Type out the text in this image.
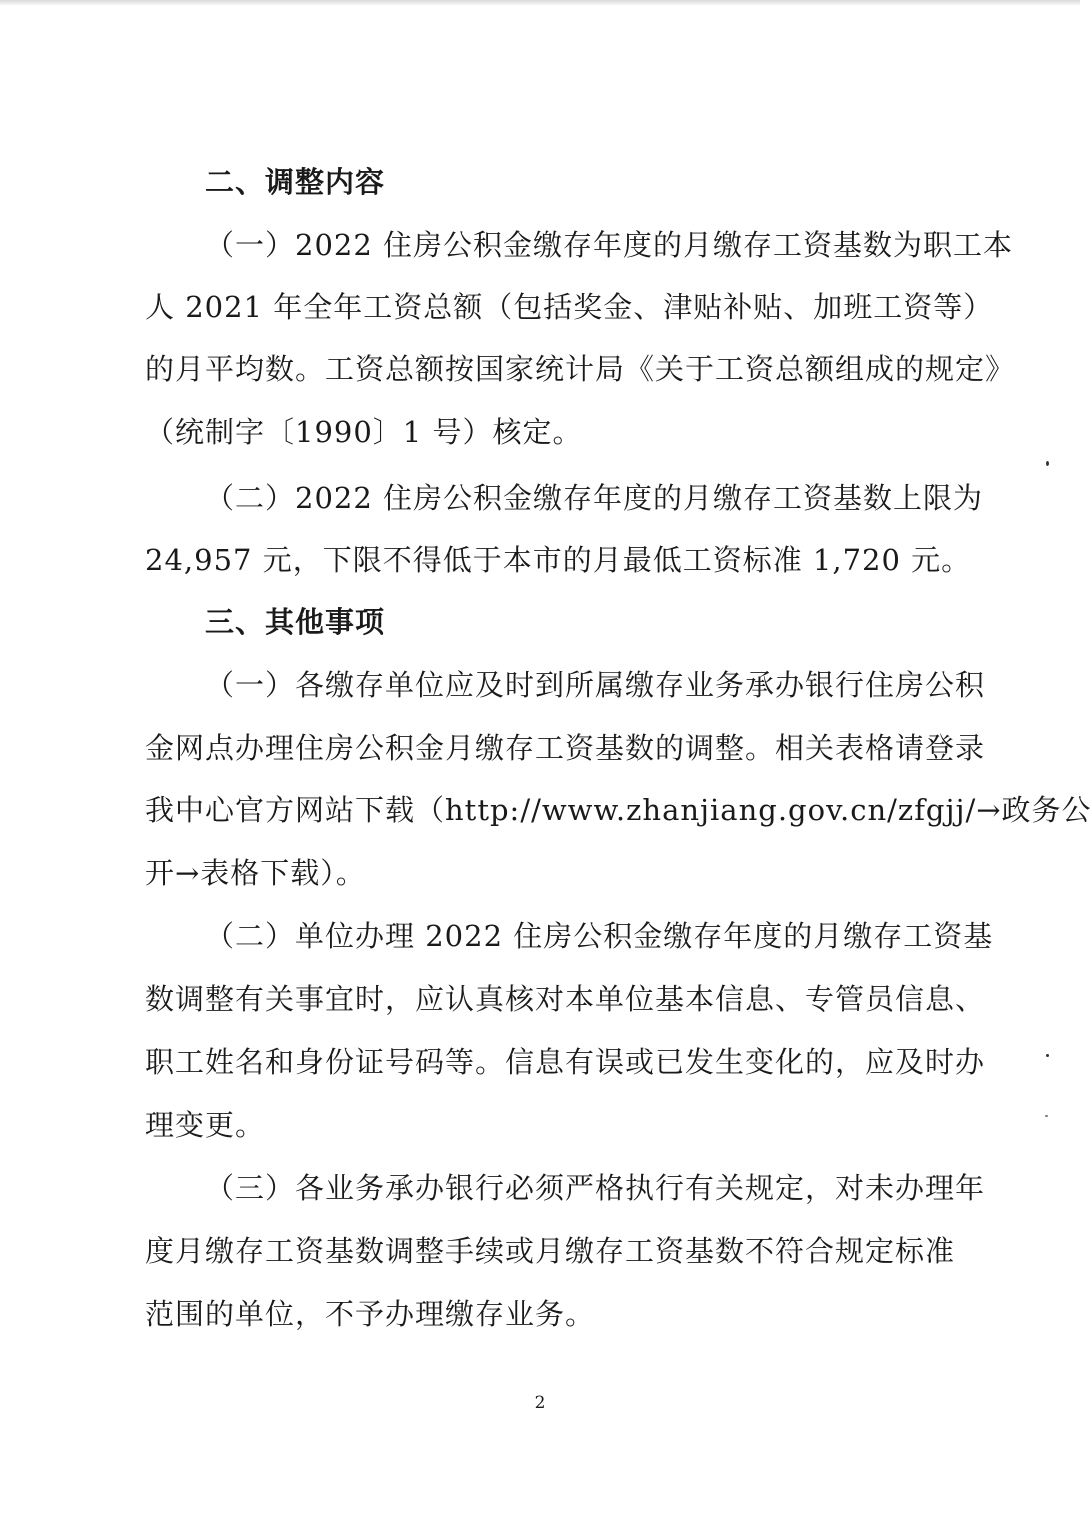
二、调整内容
（一）2022 住房公积金缴存年度的月缴存工资基数为职工本
人 2021 年全年工资总额（包括奖金、津贴补贴、加班工资等）
的月平均数。工资总额按国家统计局《关于工资总额组成的规定》
（统制字〔1990〕1 号）核定。
（二）2022 住房公积金缴存年度的月缴存工资基数上限为
24,957 元，下限不得低于本市的月最低工资标准 1,720 元。
三、其他事项
（一）各缴存单位应及时到所属缴存业务承办银行住房公积
金网点办理住房公积金月缴存工资基数的调整。相关表格请登录
我中心官方网站下载（http://www.zhanjiang.gov.cn/zfgjj/→政务公
开→表格下载）。
（二）单位办理 2022 住房公积金缴存年度的月缴存工资基
数调整有关事宜时，应认真核对本单位基本信息、专管员信息、
职工姓名和身份证号码等。信息有误或已发生变化的，应及时办
理变更。
（三）各业务承办银行必须严格执行有关规定，对未办理年
度月缴存工资基数调整手续或月缴存工资基数不符合规定标准
范围的单位，不予办理缴存业务。
2
